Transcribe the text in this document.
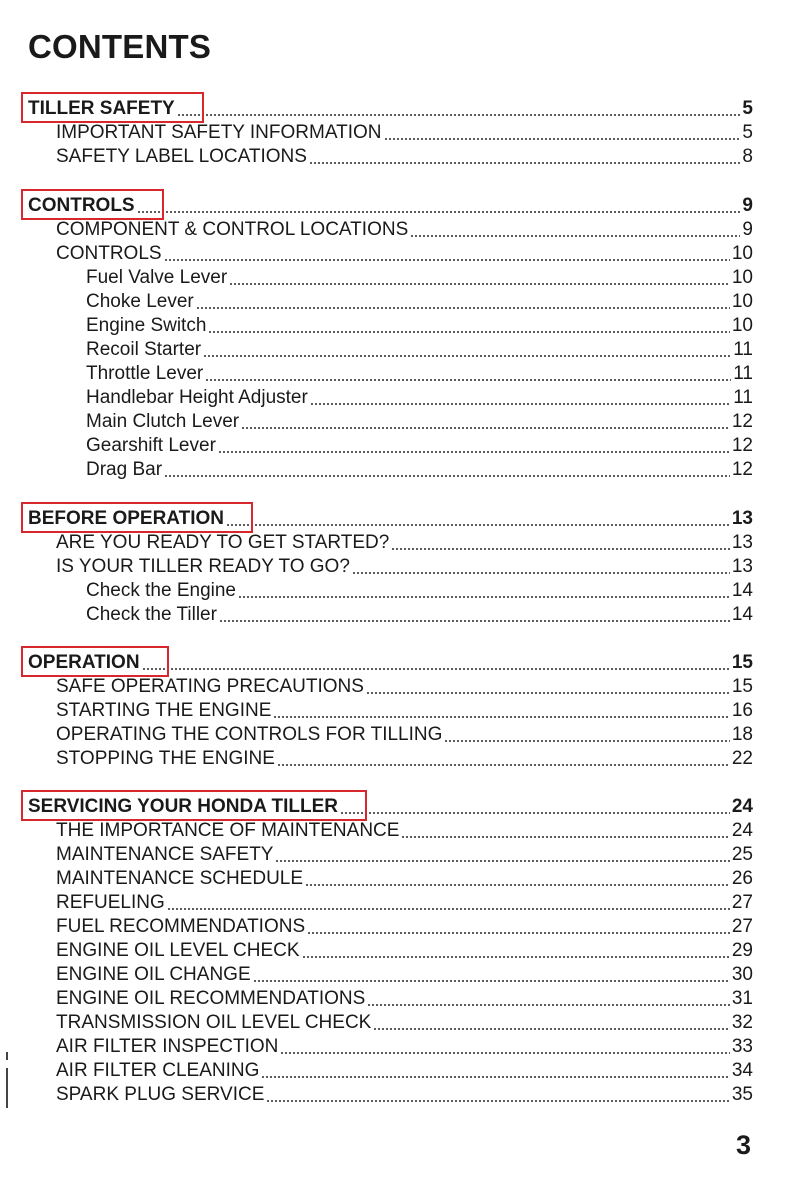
CONTENTS
TILLER SAFETY	5
IMPORTANT SAFETY INFORMATION	5
SAFETY LABEL LOCATIONS	8
CONTROLS	9
COMPONENT & CONTROL LOCATIONS	9
CONTROLS	10
Fuel Valve Lever	10
Choke Lever	10
Engine Switch	10
Recoil Starter	11
Throttle Lever	11
Handlebar Height Adjuster	11
Main Clutch Lever	12
Gearshift Lever	12
Drag Bar	12
BEFORE OPERATION	13
ARE YOU READY TO GET STARTED?	13
IS YOUR TILLER READY TO GO?	13
Check the Engine	14
Check the Tiller	14
OPERATION	15
SAFE OPERATING PRECAUTIONS	15
STARTING THE ENGINE	16
OPERATING THE CONTROLS FOR TILLING	18
STOPPING THE ENGINE	22
SERVICING YOUR HONDA TILLER	24
THE IMPORTANCE OF MAINTENANCE	24
MAINTENANCE SAFETY	25
MAINTENANCE SCHEDULE	26
REFUELING	27
FUEL RECOMMENDATIONS	27
ENGINE OIL LEVEL CHECK	29
ENGINE OIL CHANGE	30
ENGINE OIL RECOMMENDATIONS	31
TRANSMISSION OIL LEVEL CHECK	32
AIR FILTER INSPECTION	33
AIR FILTER CLEANING	34
SPARK PLUG SERVICE	35

3
